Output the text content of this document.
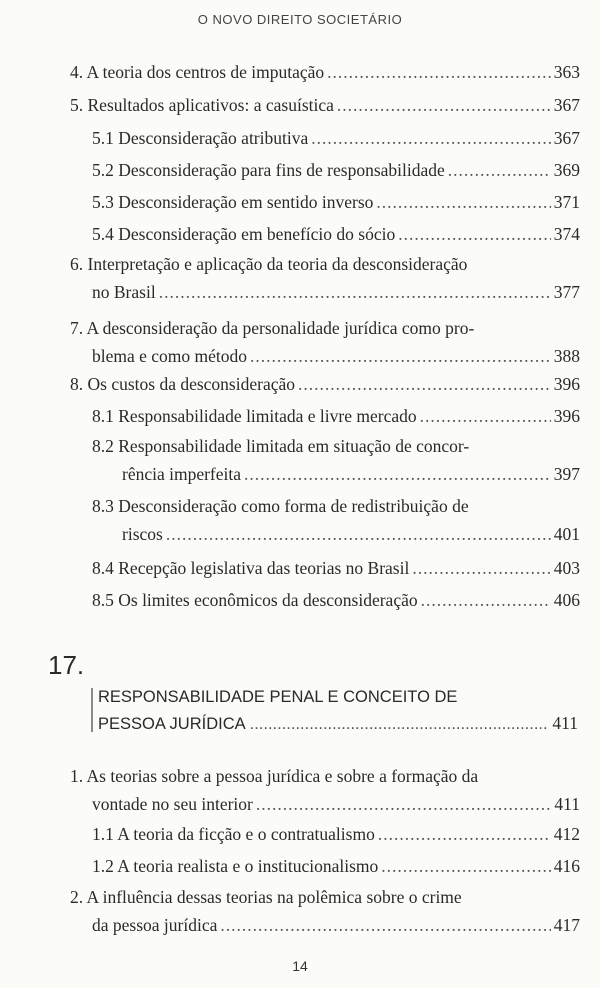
O NOVO DIREITO SOCIETÁRIO
4. A teoria dos centros de imputação .....	363
5. Resultados aplicativos: a casuística .....	367
5.1 Desconsideração atributiva .....	367
5.2 Desconsideração para fins de responsabilidade .....	369
5.3 Desconsideração em sentido inverso .....	371
5.4 Desconsideração em benefício do sócio .....	374
6. Interpretação e aplicação da teoria da desconsideração
no Brasil .....	377
7. A desconsideração da personalidade jurídica como pro-
blema e como método .....	388
8. Os custos da desconsideração .....	396
8.1 Responsabilidade limitada e livre mercado .....	396
8.2 Responsabilidade limitada em situação de concor-
rência imperfeita .....	397
8.3 Desconsideração como forma de redistribuição de
riscos .....	401
8.4 Recepção legislativa das teorias no Brasil .....	403
8.5 Os limites econômicos da desconsideração .....	406
17.
RESPONSABILIDADE PENAL E CONCEITO DE
PESSOA JURÍDICA .....	411
1. As teorias sobre a pessoa jurídica e sobre a formação da
vontade no seu interior .....	411
1.1 A teoria da ficção e o contratualismo .....	412
1.2 A teoria realista e o institucionalismo .....	416
2. A influência dessas teorias na polêmica sobre o crime
da pessoa jurídica .....	417
14
